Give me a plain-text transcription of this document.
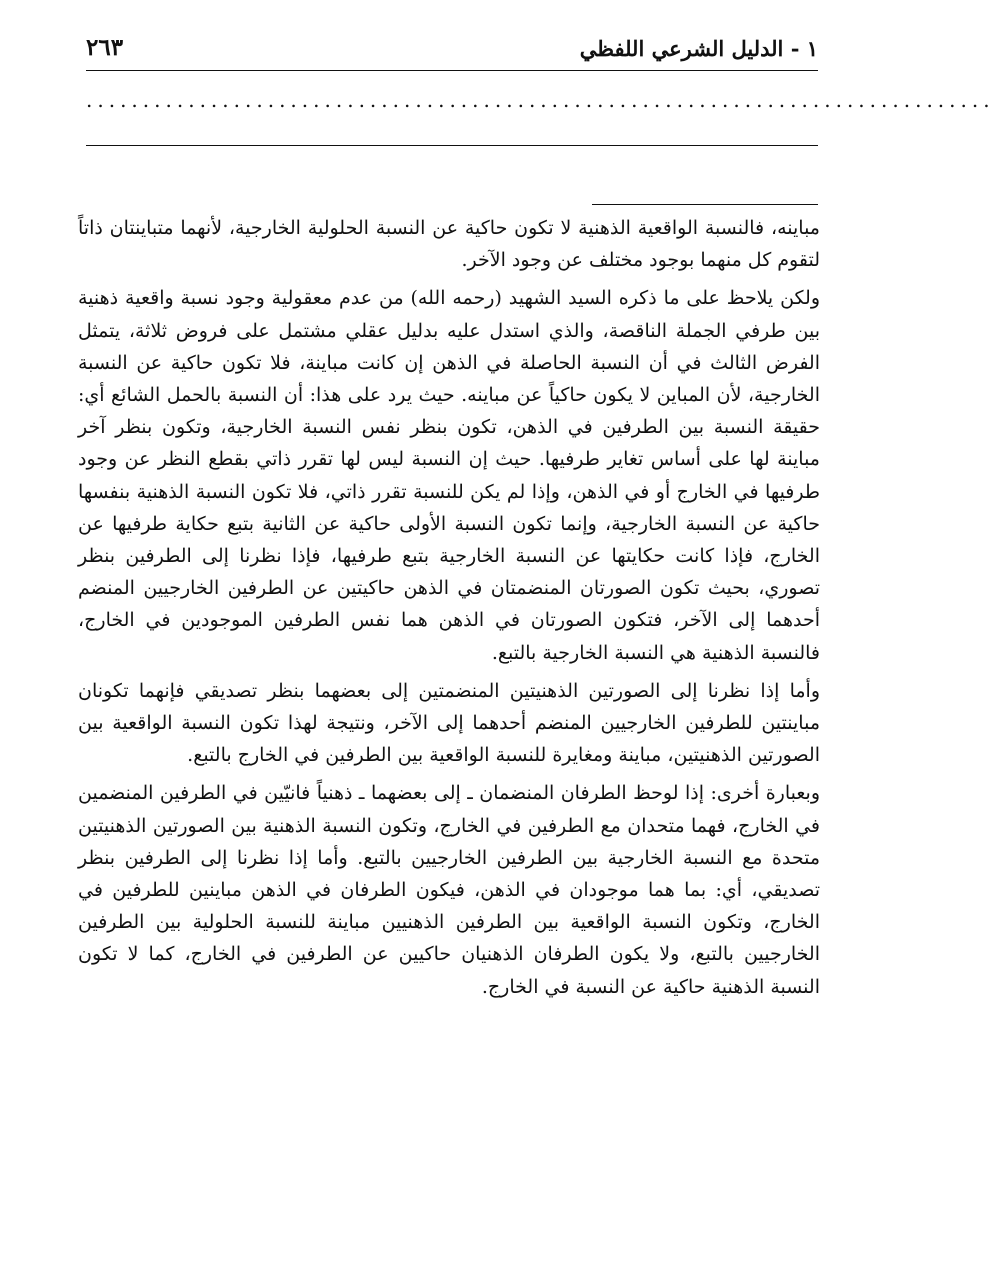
١ - الدليل الشرعي اللفظي
٢٦٣
................................................................................

مباينه، فالنسبة الواقعية الذهنية لا تكون حاكية عن النسبة الحلولية الخارجية، لأنهما متباينتان ذاتاً لتقوم كل منهما بوجود مختلف عن وجود الآخر.

ولكن يلاحظ على ما ذكره السيد الشهيد (رحمه الله) من عدم معقولية وجود نسبة واقعية ذهنية بين طرفي الجملة الناقصة، والذي استدل عليه بدليل عقلي مشتمل على فروض ثلاثة، يتمثل الفرض الثالث في أن النسبة الحاصلة في الذهن إن كانت مباينة، فلا تكون حاكية عن النسبة الخارجية، لأن المباين لا يكون حاكياً عن مباينه. حيث يرد على هذا: أن النسبة بالحمل الشائع أي: حقيقة النسبة بين الطرفين في الذهن، تكون بنظر نفس النسبة الخارجية، وتكون بنظر آخر مباينة لها على أساس تغاير طرفيها. حيث إن النسبة ليس لها تقرر ذاتي بقطع النظر عن وجود طرفيها في الخارج أو في الذهن، وإذا لم يكن للنسبة تقرر ذاتي، فلا تكون النسبة الذهنية بنفسها حاكية عن النسبة الخارجية، وإنما تكون النسبة الأولى حاكية عن الثانية بتبع حكاية طرفيها عن الخارج، فإذا كانت حكايتها عن النسبة الخارجية بتبع طرفيها، فإذا نظرنا إلى الطرفين بنظر تصوري، بحيث تكون الصورتان المنضمتان في الذهن حاكيتين عن الطرفين الخارجيين المنضم أحدهما إلى الآخر، فتكون الصورتان في الذهن هما نفس الطرفين الموجودين في الخارج، فالنسبة الذهنية هي النسبة الخارجية بالتبع.

وأما إذا نظرنا إلى الصورتين الذهنيتين المنضمتين إلى بعضهما بنظر تصديقي فإنهما تكونان مباينتين للطرفين الخارجيين المنضم أحدهما إلى الآخر، ونتيجة لهذا تكون النسبة الواقعية بين الصورتين الذهنيتين، مباينة ومغايرة للنسبة الواقعية بين الطرفين في الخارج بالتبع.

وبعبارة أخرى: إذا لوحظ الطرفان المنضمان ـ إلى بعضهما ـ ذهنياً فانيّين في الطرفين المنضمين في الخارج، فهما متحدان مع الطرفين في الخارج، وتكون النسبة الذهنية بين الصورتين الذهنيتين متحدة مع النسبة الخارجية بين الطرفين الخارجيين بالتبع. وأما إذا نظرنا إلى الطرفين بنظر تصديقي، أي: بما هما موجودان في الذهن، فيكون الطرفان في الذهن مباينين للطرفين في الخارج، وتكون النسبة الواقعية بين الطرفين الذهنيين مباينة للنسبة الحلولية بين الطرفين الخارجيين بالتبع، ولا يكون الطرفان الذهنيان حاكيين عن الطرفين في الخارج، كما لا تكون النسبة الذهنية حاكية عن النسبة في الخارج.
